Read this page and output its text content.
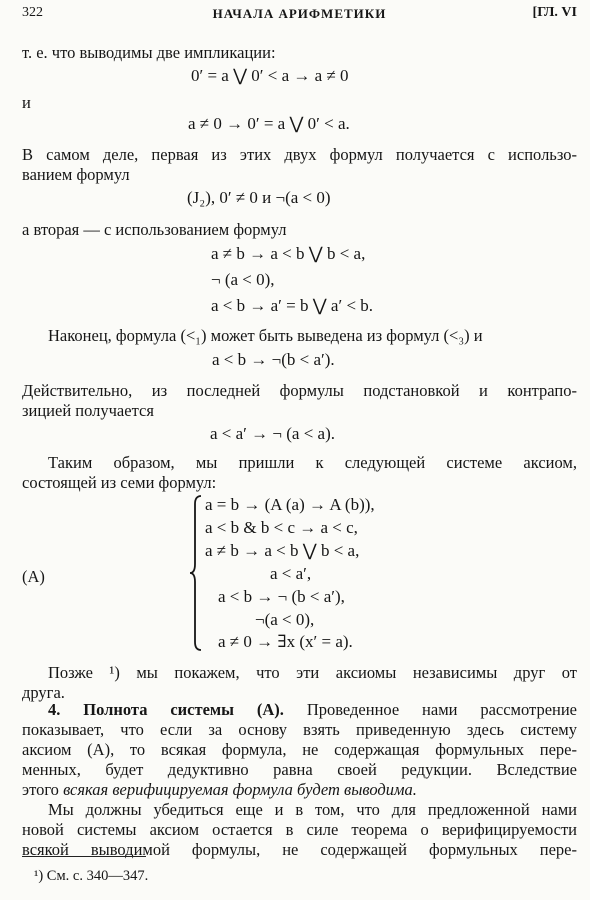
322	НАЧАЛА АРИФМЕТИКИ	[ГЛ. VI
т. е. что выводимы две импликации:
0′ = a ⋁ 0′ < a → a ≠ 0
и
a ≠ 0 → 0′ = a ⋁ 0′ < a.
В самом деле, первая из этих двух формул получается с использо-
ванием формул
(J₂), 0′ ≠ 0 и ¬(a < 0)
а вторая — с использованием формул
a ≠ b → a < b ⋁ b < a,
¬ (a < 0),
a < b → a′ = b ⋁ a′ < b.
Наконец, формула (<₁) может быть выведена из формул (<₃) и
a < b → ¬(b < a′).
Действительно, из последней формулы подстановкой и контрапо-
зицией получается
a < a′ → ¬ (a < a).
Таким образом, мы пришли к следующей системе аксиом,
состоящей из семи формул:
(A)
a = b → (A (a) → A (b)),
a < b & b < c → a < c,
a ≠ b → a < b ⋁ b < a,
a < a′,
a < b → ¬ (b < a′),
¬(a < 0),
a ≠ 0 → ∃x (x′ = a).
Позже ¹) мы покажем, что эти аксиомы независимы друг от
друга.
4. Полнота системы (A). Проведенное нами рассмотрение
показывает, что если за основу взять приведенную здесь систему
аксиом (A), то всякая формула, не содержащая формульных пере-
менных, будет дедуктивно равна своей редукции. Вследствие
этого всякая верифицируемая формула будет выводима.
Мы должны убедиться еще и в том, что для предложенной нами
новой системы аксиом остается в силе теорема о верифицируемости
всякой выводимой формулы, не содержащей формульных пере-
¹) См. с. 340—347.
